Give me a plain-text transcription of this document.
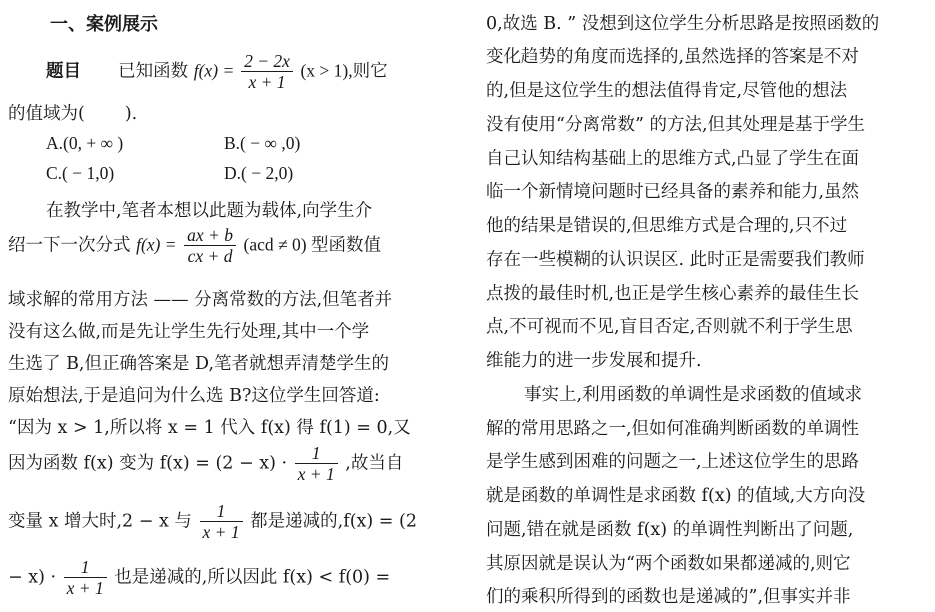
一、案例展示
题目 已知函数 $f(x) = \frac{2 - 2x}{x + 1} (x > 1)$,则它
的值域为( ).
A.(0, + ∞ )	B.( − ∞ ,0)
C.( − 1,0)	D.( − 2,0)
在教学中,笔者本想以此题为载体,向学生介
绍一下一次分式 $f(x) = \frac{ax + b}{cx + d} (acd \ne 0)$ 型函数值
域求解的常用方法 —— 分离常数的方法,但笔者并
没有这么做,而是先让学生先行处理,其中一个学
生选了 B,但正确答案是 D,笔者就想弄清楚学生的
原始想法,于是追问为什么选 B?这位学生回答道:
“因为 x > 1,所以将 x = 1 代入 f(x) 得 f(1) = 0,又
因为函数 f(x) 变为 $f(x) = (2 - x) \cdot \frac{1}{x + 1}$ ,故当自
变量 x 增大时,2 − x 与 $\frac{1}{x + 1}$ 都是递减的,f(x) = (2
− $x) \cdot \frac{1}{x + 1}$ 也是递减的,所以因此 f(x) < f(0) =
0,故选 B. ” 没想到这位学生分析思路是按照函数的
变化趋势的角度而选择的,虽然选择的答案是不对
的,但是这位学生的想法值得肯定,尽管他的想法
没有使用“分离常数” 的方法,但其处理是基于学生
自己认知结构基础上的思维方式,凸显了学生在面
临一个新情境问题时已经具备的素养和能力,虽然
他的结果是错误的,但思维方式是合理的,只不过
存在一些模糊的认识误区. 此时正是需要我们教师
点拨的最佳时机,也正是学生核心素养的最佳生长
点,不可视而不见,盲目否定,否则就不利于学生思
维能力的进一步发展和提升.
事实上,利用函数的单调性是求函数的值域求
解的常用思路之一,但如何准确判断函数的单调性
是学生感到困难的问题之一,上述这位学生的思路
就是函数的单调性是求函数 f(x) 的值域,大方向没
问题,错在就是函数 f(x) 的单调性判断出了问题,
其原因就是误认为“两个函数如果都递减的,则它
们的乘积所得到的函数也是递减的”,但事实并非
